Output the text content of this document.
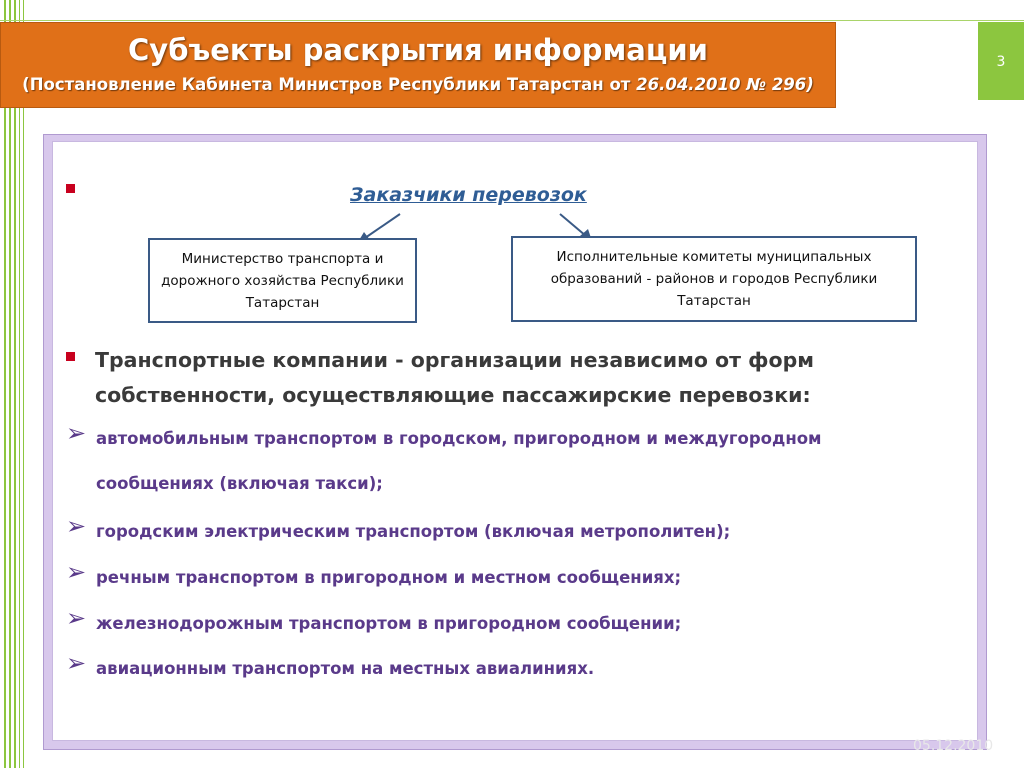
Субъекты раскрытия информации
(Постановление Кабинета Министров Республики Татарстан от 26.04.2010 № 296)
3
Заказчики перевозок
Министерство транспорта и дорожного хозяйства Республики Татарстан
Исполнительные комитеты муниципальных образований - районов и городов Республики Татарстан
Транспортные компании - организации независимо от форм собственности, осуществляющие пассажирские перевозки:
➢ автомобильным транспортом в городском, пригородном и междугородном
сообщениях (включая такси);
➢ городским электрическим транспортом (включая метрополитен);
➢ речным транспортом в пригородном и местном сообщениях;
➢ железнодорожным транспортом в пригородном сообщении;
➢ авиационным транспортом на местных авиалиниях.
05.12.2010
